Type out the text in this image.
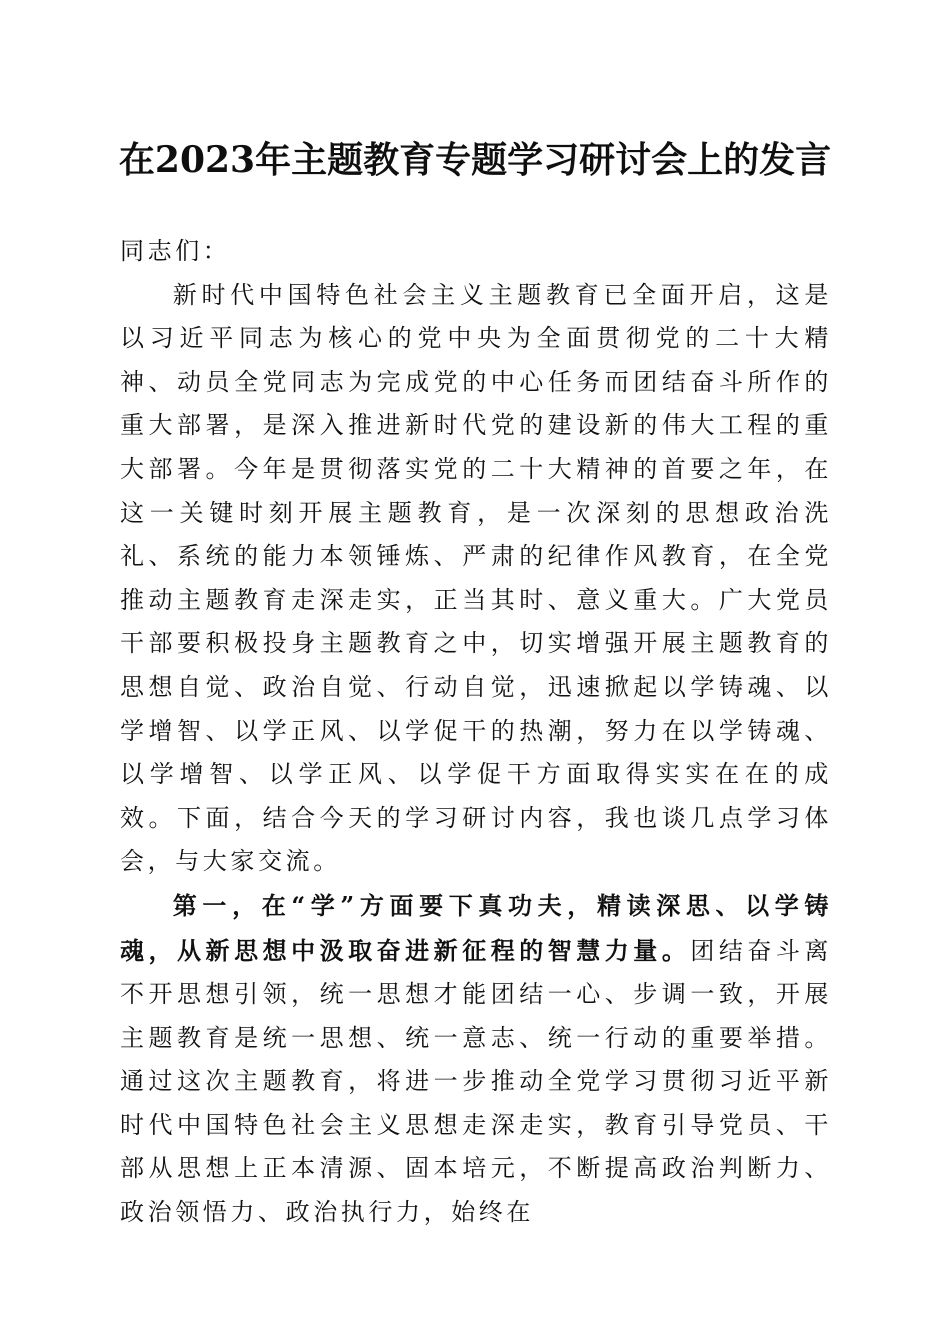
在2023年主题教育专题学习研讨会上的发言

同志们：

新时代中国特色社会主义主题教育已全面开启，这是以习近平同志为核心的党中央为全面贯彻党的二十大精神、动员全党同志为完成党的中心任务而团结奋斗所作的重大部署，是深入推进新时代党的建设新的伟大工程的重大部署。今年是贯彻落实党的二十大精神的首要之年，在这一关键时刻开展主题教育，是一次深刻的思想政治洗礼、系统的能力本领锤炼、严肃的纪律作风教育，在全党推动主题教育走深走实，正当其时、意义重大。广大党员干部要积极投身主题教育之中，切实增强开展主题教育的思想自觉、政治自觉、行动自觉，迅速掀起以学铸魂、以学增智、以学正风、以学促干的热潮，努力在以学铸魂、以学增智、以学正风、以学促干方面取得实实在在的成效。下面，结合今天的学习研讨内容，我也谈几点学习体会，与大家交流。

第一，在“学”方面要下真功夫，精读深思、以学铸魂，从新思想中汲取奋进新征程的智慧力量。团结奋斗离不开思想引领，统一思想才能团结一心、步调一致，开展主题教育是统一思想、统一意志、统一行动的重要举措。通过这次主题教育，将进一步推动全党学习贯彻习近平新时代中国特色社会主义思想走深走实，教育引导党员、干部从思想上正本清源、固本培元，不断提高政治判断力、政治领悟力、政治执行力，始终在
